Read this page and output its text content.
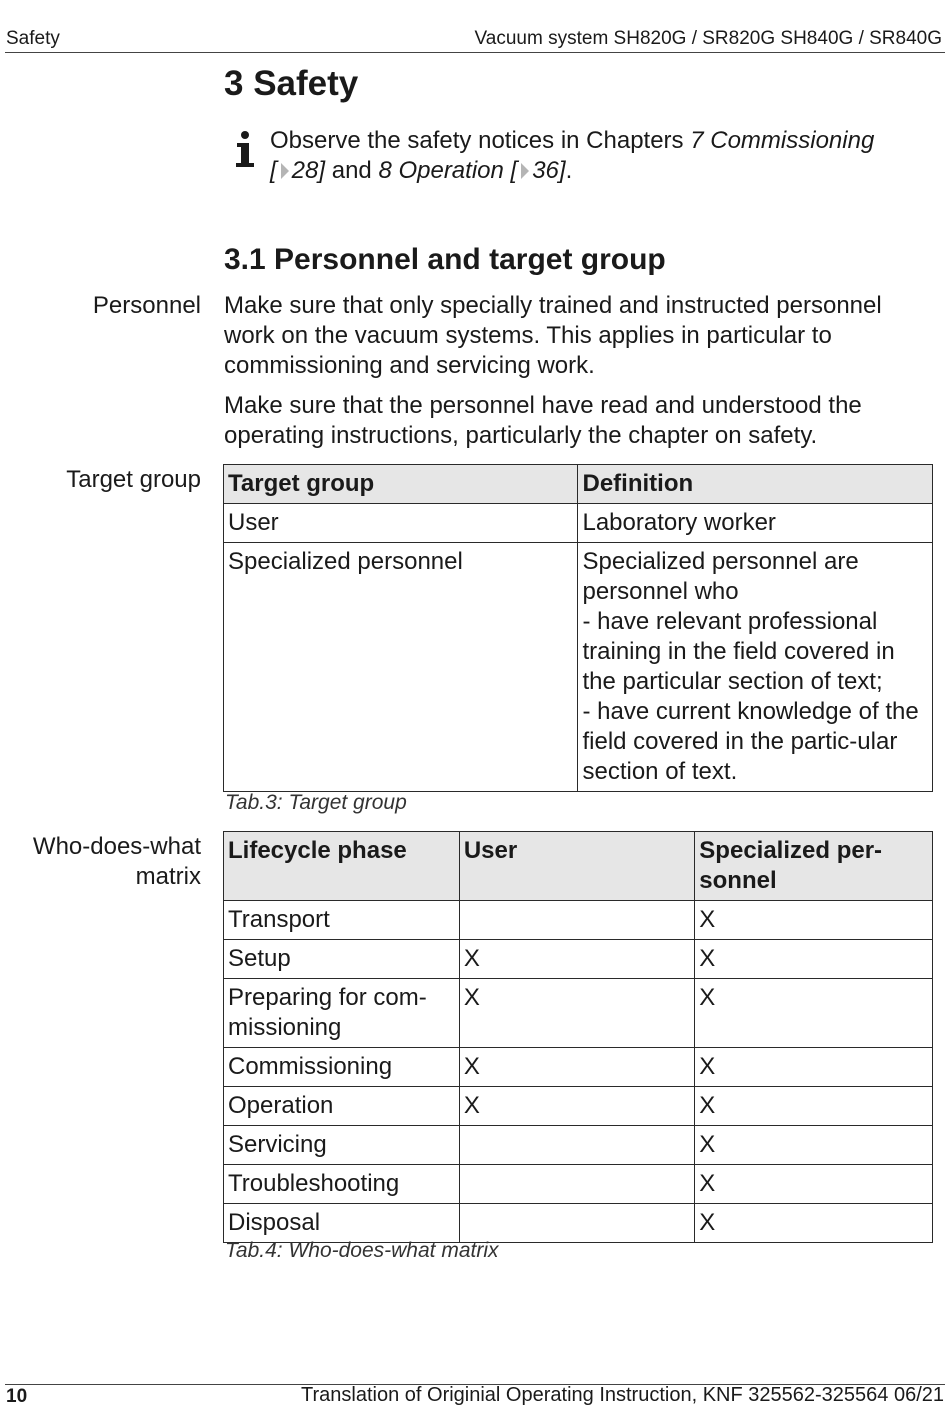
Safety	Vacuum system SH820G / SR820G SH840G / SR840G
3 Safety
Observe the safety notices in Chapters 7 Commissioning
[ 28] and 8 Operation [ 36].
3.1 Personnel and target group
Personnel Make sure that only specially trained and instructed personnel work on the vacuum systems. This applies in particular to commissioning and servicing work.
Make sure that the personnel have read and understood the operating instructions, particularly the chapter on safety.
Target group Target group	Definition
User	Laboratory worker
Specialized personnel	Specialized personnel are personnel who
- have relevant professional training in the field covered in the particular section of text;
- have current knowledge of the field covered in the partic-ular section of text.
Tab.3: Target group
Who-does-what
matrix
Lifecycle phase	User	Specialized per-
sonnel
Transport		X
Setup	X	X
Preparing for com-
missioning	X	X
Commissioning	X	X
Operation	X	X
Servicing		X
Troubleshooting		X
Disposal		X
Tab.4: Who-does-what matrix
10	Translation of Originial Operating Instruction, KNF 325562-325564 06/21
